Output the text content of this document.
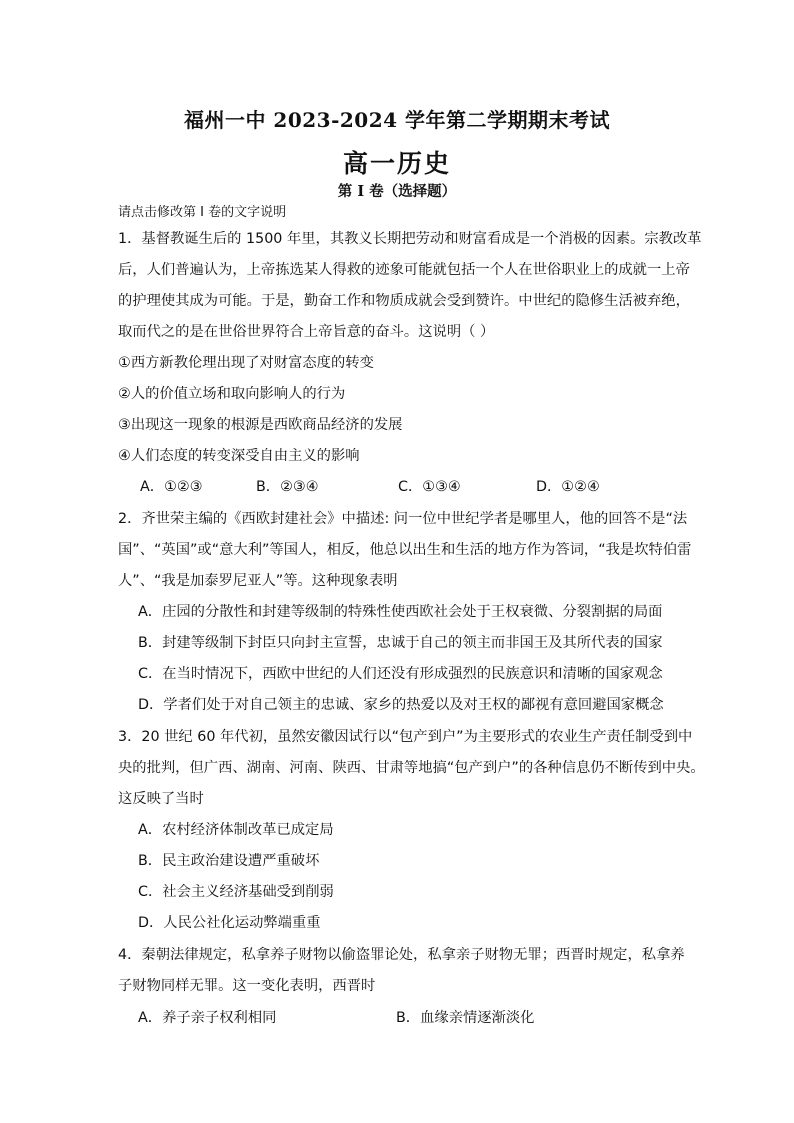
福州一中 2023-2024 学年第二学期期末考试
高一历史
第 I 卷（选择题）
请点击修改第 I 卷的文字说明
1．基督教诞生后的 1500 年里，其教义长期把劳动和财富看成是一个消极的因素。宗教改革
后，人们普遍认为，上帝拣选某人得救的迹象可能就包括一个人在世俗职业上的成就一上帝
的护理使其成为可能。于是，勤奋工作和物质成就会受到赞许。中世纪的隐修生活被弃绝，
取而代之的是在世俗世界符合上帝旨意的奋斗。这说明（ ）
①西方新教伦理出现了对财富态度的转变
②人的价值立场和取向影响人的行为
③出现这一现象的根源是西欧商品经济的发展
④人们态度的转变深受自由主义的影响
A．①②③	B．②③④	C．①③④	D．①②④
2．齐世荣主编的《西欧封建社会》中描述: 问一位中世纪学者是哪里人，他的回答不是“法
国”、“英国”或“意大利”等国人，相反，他总以出生和生活的地方作为答词，“我是坎特伯雷
人”、“我是加泰罗尼亚人”等。这种现象表明
A．庄园的分散性和封建等级制的特殊性使西欧社会处于王权衰微、分裂割据的局面
B．封建等级制下封臣只向封主宣誓，忠诚于自己的领主而非国王及其所代表的国家
C．在当时情况下，西欧中世纪的人们还没有形成强烈的民族意识和清晰的国家观念
D．学者们处于对自己领主的忠诚、家乡的热爱以及对王权的鄙视有意回避国家概念
3．20 世纪 60 年代初，虽然安徽因试行以“包产到户”为主要形式的农业生产责任制受到中
央的批判，但广西、湖南、河南、陕西、甘肃等地搞“包产到户”的各种信息仍不断传到中央。
这反映了当时
A．农村经济体制改革已成定局
B．民主政治建设遭严重破坏
C．社会主义经济基础受到削弱
D．人民公社化运动弊端重重
4．秦朝法律规定，私拿养子财物以偷盗罪论处，私拿亲子财物无罪；西晋时规定，私拿养
子财物同样无罪。这一变化表明，西晋时
A．养子亲子权利相同	B．血缘亲情逐渐淡化
